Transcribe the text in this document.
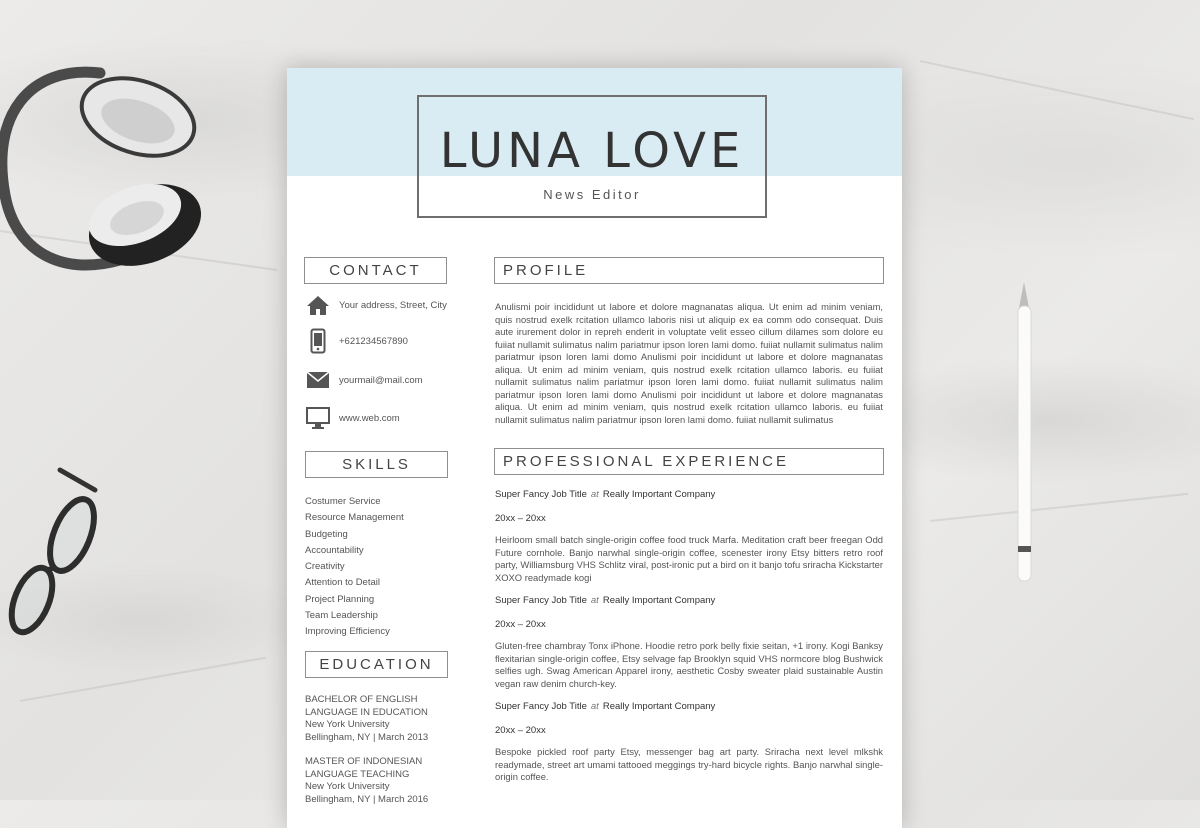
LUNA LOVE
News Editor
CONTACT
Your address, Street, City
+621234567890
yourmail@mail.com
www.web.com
SKILLS
Costumer Service
Resource Management
Budgeting
Accountability
Creativity
Attention to Detail
Project Planning
Team Leadership
Improving Efficiency
EDUCATION
BACHELOR OF ENGLISH
LANGUAGE IN EDUCATION
New York University
Bellingham, NY | March 2013
MASTER OF INDONESIAN
LANGUAGE TEACHING
New York University
Bellingham, NY | March 2016
PROFILE
Anulismi poir incididunt ut labore et dolore magnanatas aliqua. Ut enim ad minim veniam, quis nostrud exelk rcitation ullamco laboris nisi ut aliquip ex ea comm odo consequat. Duis aute irurement dolor in repreh enderit in voluptate velit esseo cillum dilames som dolore eu fuiiat nullamit sulimatus nalim pariatmur ipson loren lami domo. fuiiat nullamit sulimatus nalim pariatmur ipson loren lami domo Anulismi poir incididunt ut labore et dolore magnanatas aliqua. Ut enim ad minim veniam, quis nostrud exelk rcitation ullamco laboris. eu fuiiat nullamit sulimatus nalim pariatmur ipson loren lami domo. fuiiat nullamit sulimatus nalim pariatmur ipson loren lami domo Anulismi poir incididunt ut labore et dolore magnanatas aliqua. Ut enim ad minim veniam, quis nostrud exelk rcitation ullamco laboris. eu fuiiat nullamit sulimatus nalim pariatmur ipson loren lami domo. fuiiat nullamit sulimatus
PROFESSIONAL EXPERIENCE
Super Fancy Job Title at Really Important Company
20xx – 20xx
Heirloom small batch single-origin coffee food truck Marfa. Meditation craft beer freegan Odd Future cornhole. Banjo narwhal single-origin coffee, scenester irony Etsy bitters retro roof party, Williamsburg VHS Schlitz viral, post-ironic put a bird on it banjo tofu sriracha Kickstarter XOXO readymade kogi
Super Fancy Job Title at Really Important Company
20xx – 20xx
Gluten-free chambray Tonx iPhone. Hoodie retro pork belly fixie seitan, +1 irony. Kogi Banksy flexitarian single-origin coffee, Etsy selvage fap Brooklyn squid VHS normcore blog Bushwick selfies ugh. Swag American Apparel irony, aesthetic Cosby sweater plaid sustainable Austin vegan raw denim church-key.
Super Fancy Job Title at Really Important Company
20xx – 20xx
Bespoke pickled roof party Etsy, messenger bag art party. Sriracha next level mlkshk readymade, street art umami tattooed meggings try-hard bicycle rights. Banjo narwhal single-origin coffee.
